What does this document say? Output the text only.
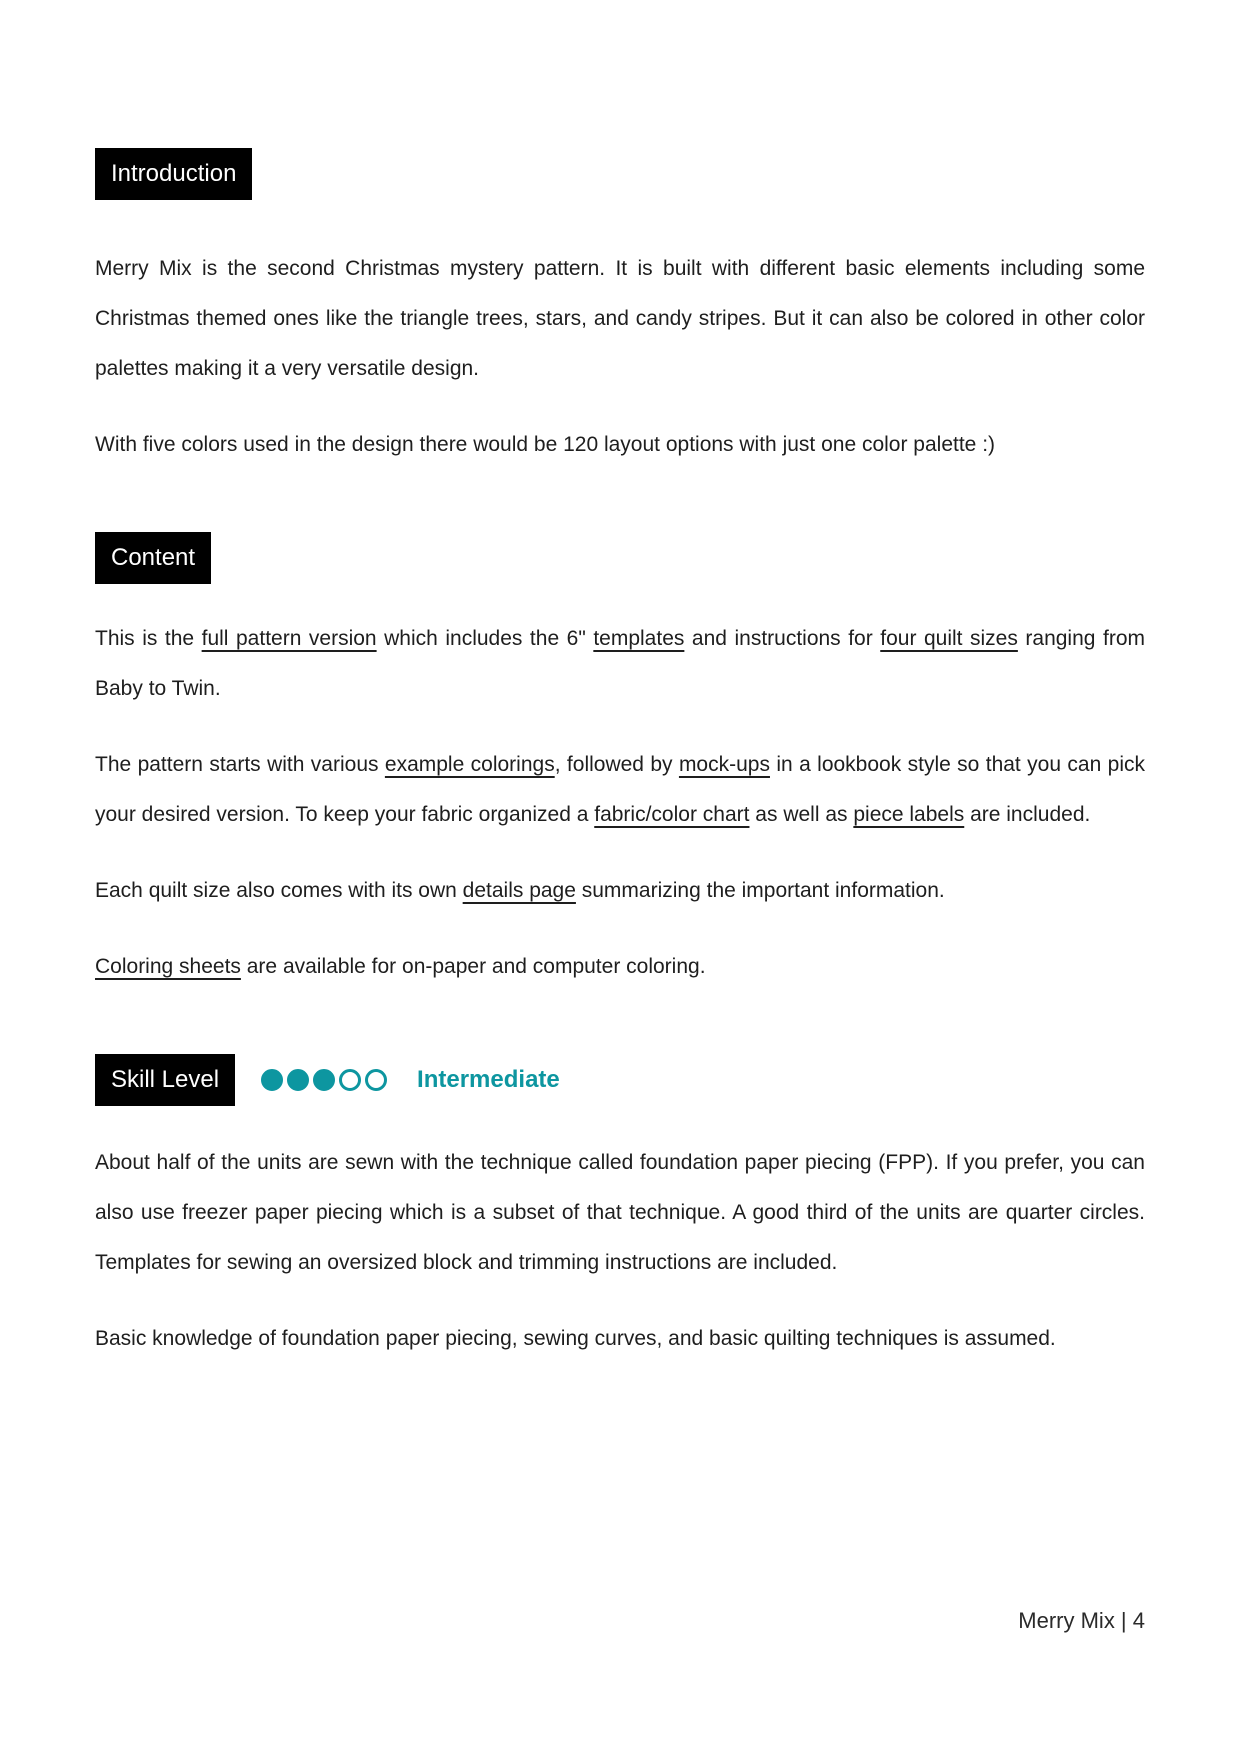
Introduction

Merry Mix is the second Christmas mystery pattern. It is built with different basic elements including some Christmas themed ones like the triangle trees, stars, and candy stripes. But it can also be colored in other color palettes making it a very versatile design.

With five colors used in the design there would be 120 layout options with just one color palette :)

Content

This is the full pattern version which includes the 6" templates and instructions for four quilt sizes ranging from Baby to Twin.

The pattern starts with various example colorings, followed by mock-ups in a lookbook style so that you can pick your desired version. To keep your fabric organized a fabric/color chart as well as piece labels are included.

Each quilt size also comes with its own details page summarizing the important information.

Coloring sheets are available for on-paper and computer coloring.

Skill Level	Intermediate

About half of the units are sewn with the technique called foundation paper piecing (FPP). If you prefer, you can also use freezer paper piecing which is a subset of that technique. A good third of the units are quarter circles. Templates for sewing an oversized block and trimming instructions are included.

Basic knowledge of foundation paper piecing, sewing curves, and basic quilting techniques is assumed.

Merry Mix | 4
